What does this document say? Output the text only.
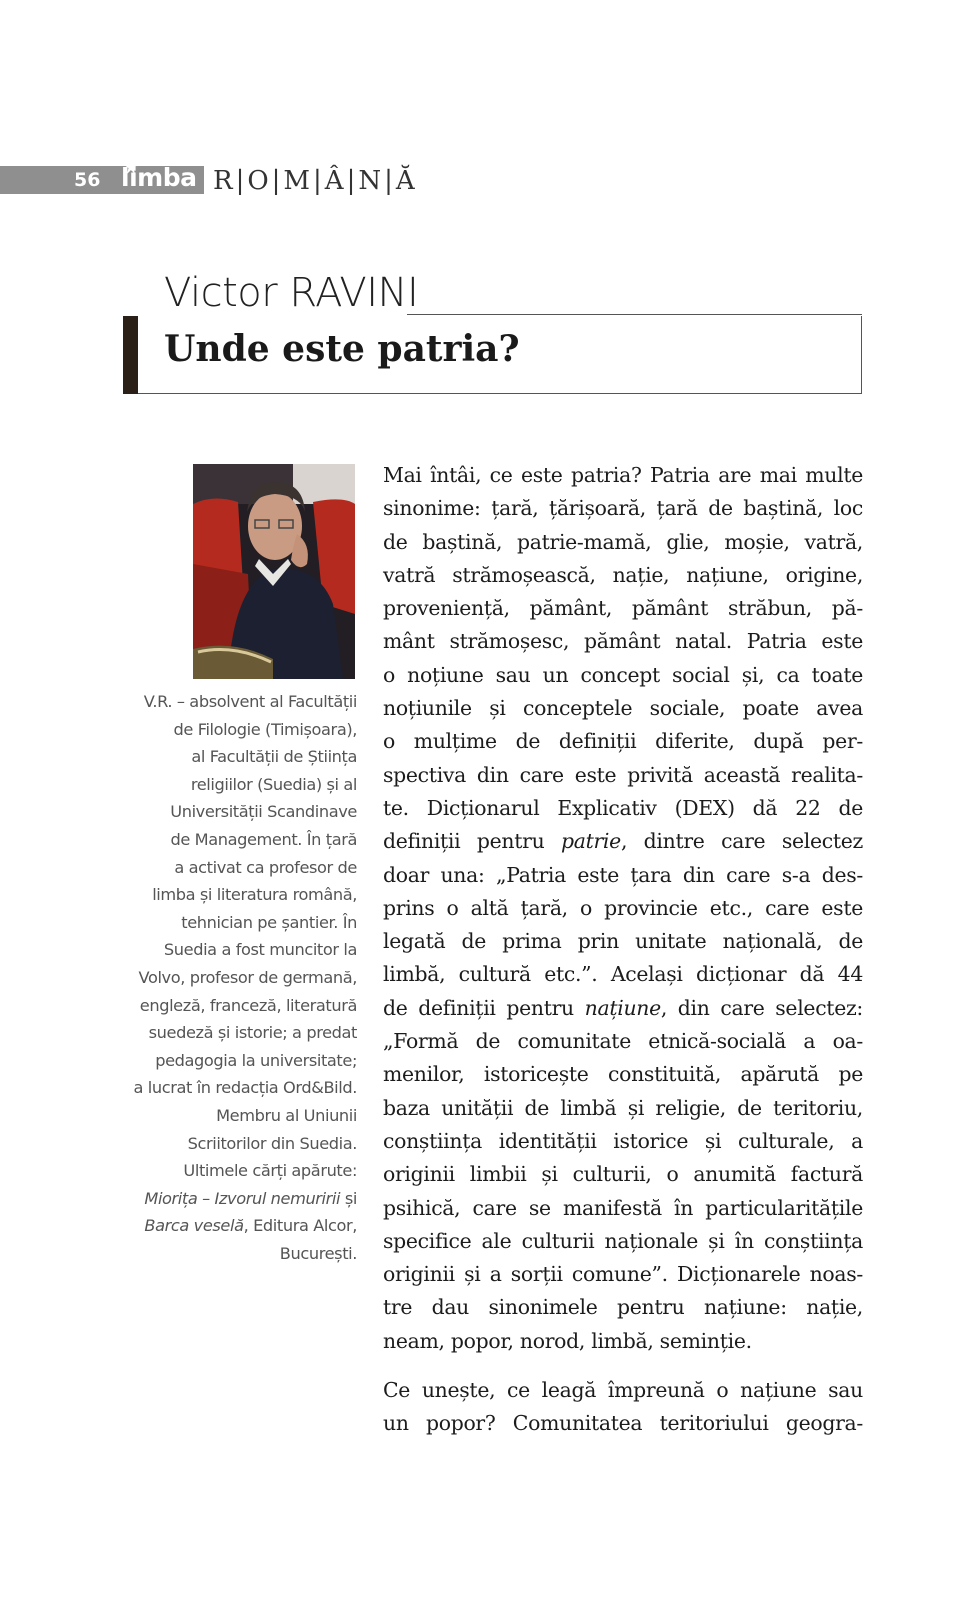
56 limba R|O|M|Â|N|Ă
Victor RAVINI
Unde este patria?
V.R. – absolvent al Facultății
de Filologie (Timișoara),
al Facultății de Știința
religiilor (Suedia) și al
Universității Scandinave
de Management. În țară
a activat ca profesor de
limba și literatura română,
tehnician pe șantier. În
Suedia a fost muncitor la
Volvo, profesor de germană,
engleză, franceză, literatură
suedeză și istorie; a predat
pedagogia la universitate;
a lucrat în redacția Ord&Bild.
Membru al Uniunii
Scriitorilor din Suedia.
Ultimele cărți apărute:
Miorița – Izvorul nemuririi și
Barca veselă, Editura Alcor,
București.
Mai întâi, ce este patria? Patria are mai multe
sinonime: țară, țărișoară, țară de baștină, loc
de baștină, patrie-mamă, glie, moșie, vatră,
vatră strămoșească, nație, națiune, origine,
proveniență, pământ, pământ străbun, pă-
mânt strămoșesc, pământ natal. Patria este
o noțiune sau un concept social și, ca toate
noțiunile și conceptele sociale, poate avea
o mulțime de definiții diferite, după per-
spectiva din care este privită această realita-
te. Dicționarul Explicativ (DEX) dă 22 de
definiții pentru patrie, dintre care selectez
doar una: „Patria este țara din care s-a des-
prins o altă țară, o provincie etc., care este
legată de prima prin unitate națională, de
limbă, cultură etc.”. Același dicționar dă 44
de definiții pentru națiune, din care selectez:
„Formă de comunitate etnică-socială a oa-
menilor, istoricește constituită, apărută pe
baza unității de limbă și religie, de teritoriu,
conștiința identității istorice și culturale, a
originii limbii și culturii, o anumită factură
psihică, care se manifestă în particularitățile
specifice ale culturii naționale și în conștiința
originii și a sorții comune”. Dicționarele noas-
tre dau sinonimele pentru națiune: nație,
neam, popor, norod, limbă, seminție.
Ce unește, ce leagă împreună o națiune sau
un popor? Comunitatea teritoriului geogra-
